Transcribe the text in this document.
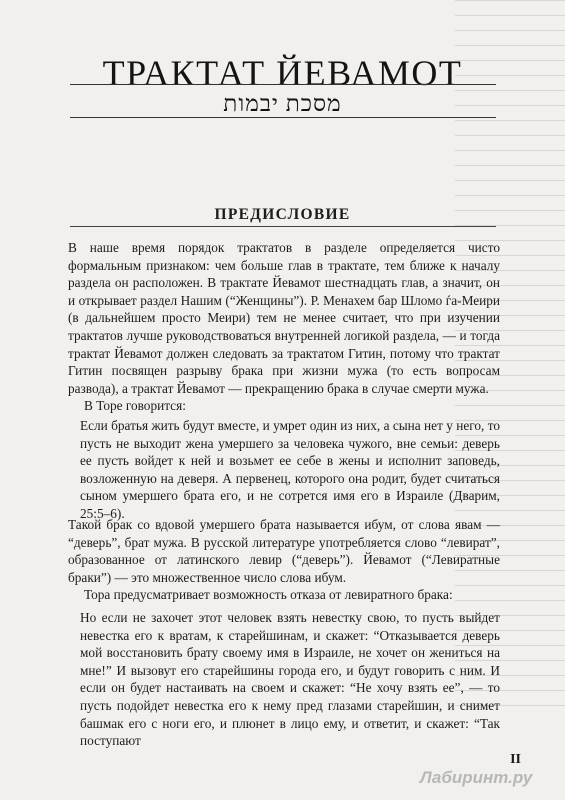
ТРАКТАТ ЙЕВАМОТ
מסכת יבמות
ПРЕДИСЛОВИЕ

В наше время порядок трактатов в разделе определяется чисто формальным признаком: чем больше глав в трактате, тем ближе к началу раздела он расположен. В трактате Йевамот шестнадцать глав, а значит, он и открывает раздел Нашим (“Женщины”). Р. Менахем бар Шломо ѓа-Меири (в дальнейшем просто Меири) тем не менее считает, что при изучении трактатов лучше руководствоваться внутренней логикой раздела, — и тогда трактат Йевамот должен следовать за трактатом Гитин, потому что трактат Гитин посвящен разрыву брака при жизни мужа (то есть вопросам развода), а трактат Йевамот — прекращению брака в случае смерти мужа.

В Торе говорится:

Если братья жить будут вместе, и умрет один из них, а сына нет у него, то пусть не выходит жена умершего за человека чужого, вне семьи: деверь ее пусть войдет к ней и возьмет ее себе в жены и исполнит заповедь, возложенную на деверя. А первенец, которого она родит, будет считаться сыном умершего брата его, и не сотрется имя его в Израиле (Дварим, 25:5–6).

Такой брак со вдовой умершего брата называется ибум, от слова явам — “деверь”, брат мужа. В русской литературе употребляется слово “левират”, образованное от латинского левир (“деверь”). Йевамот (“Левиратные браки”) — это множественное число слова ибум.

Тора предусматривает возможность отказа от левиратного брака:

Но если не захочет этот человек взять невестку свою, то пусть выйдет невестка его к вратам, к старейшинам, и скажет: “Отказывается деверь мой восстановить брату своему имя в Израиле, не хочет он жениться на мне!” И вызовут его старейшины города его, и будут говорить с ним. И если он будет настаивать на своем и скажет: “Не хочу взять ее”, — то пусть подойдет невестка его к нему пред глазами старейшин, и снимет башмак его с ноги его, и плюнет в лицо ему, и ответит, и скажет: “Так поступают

II
Лабиринт.ру
